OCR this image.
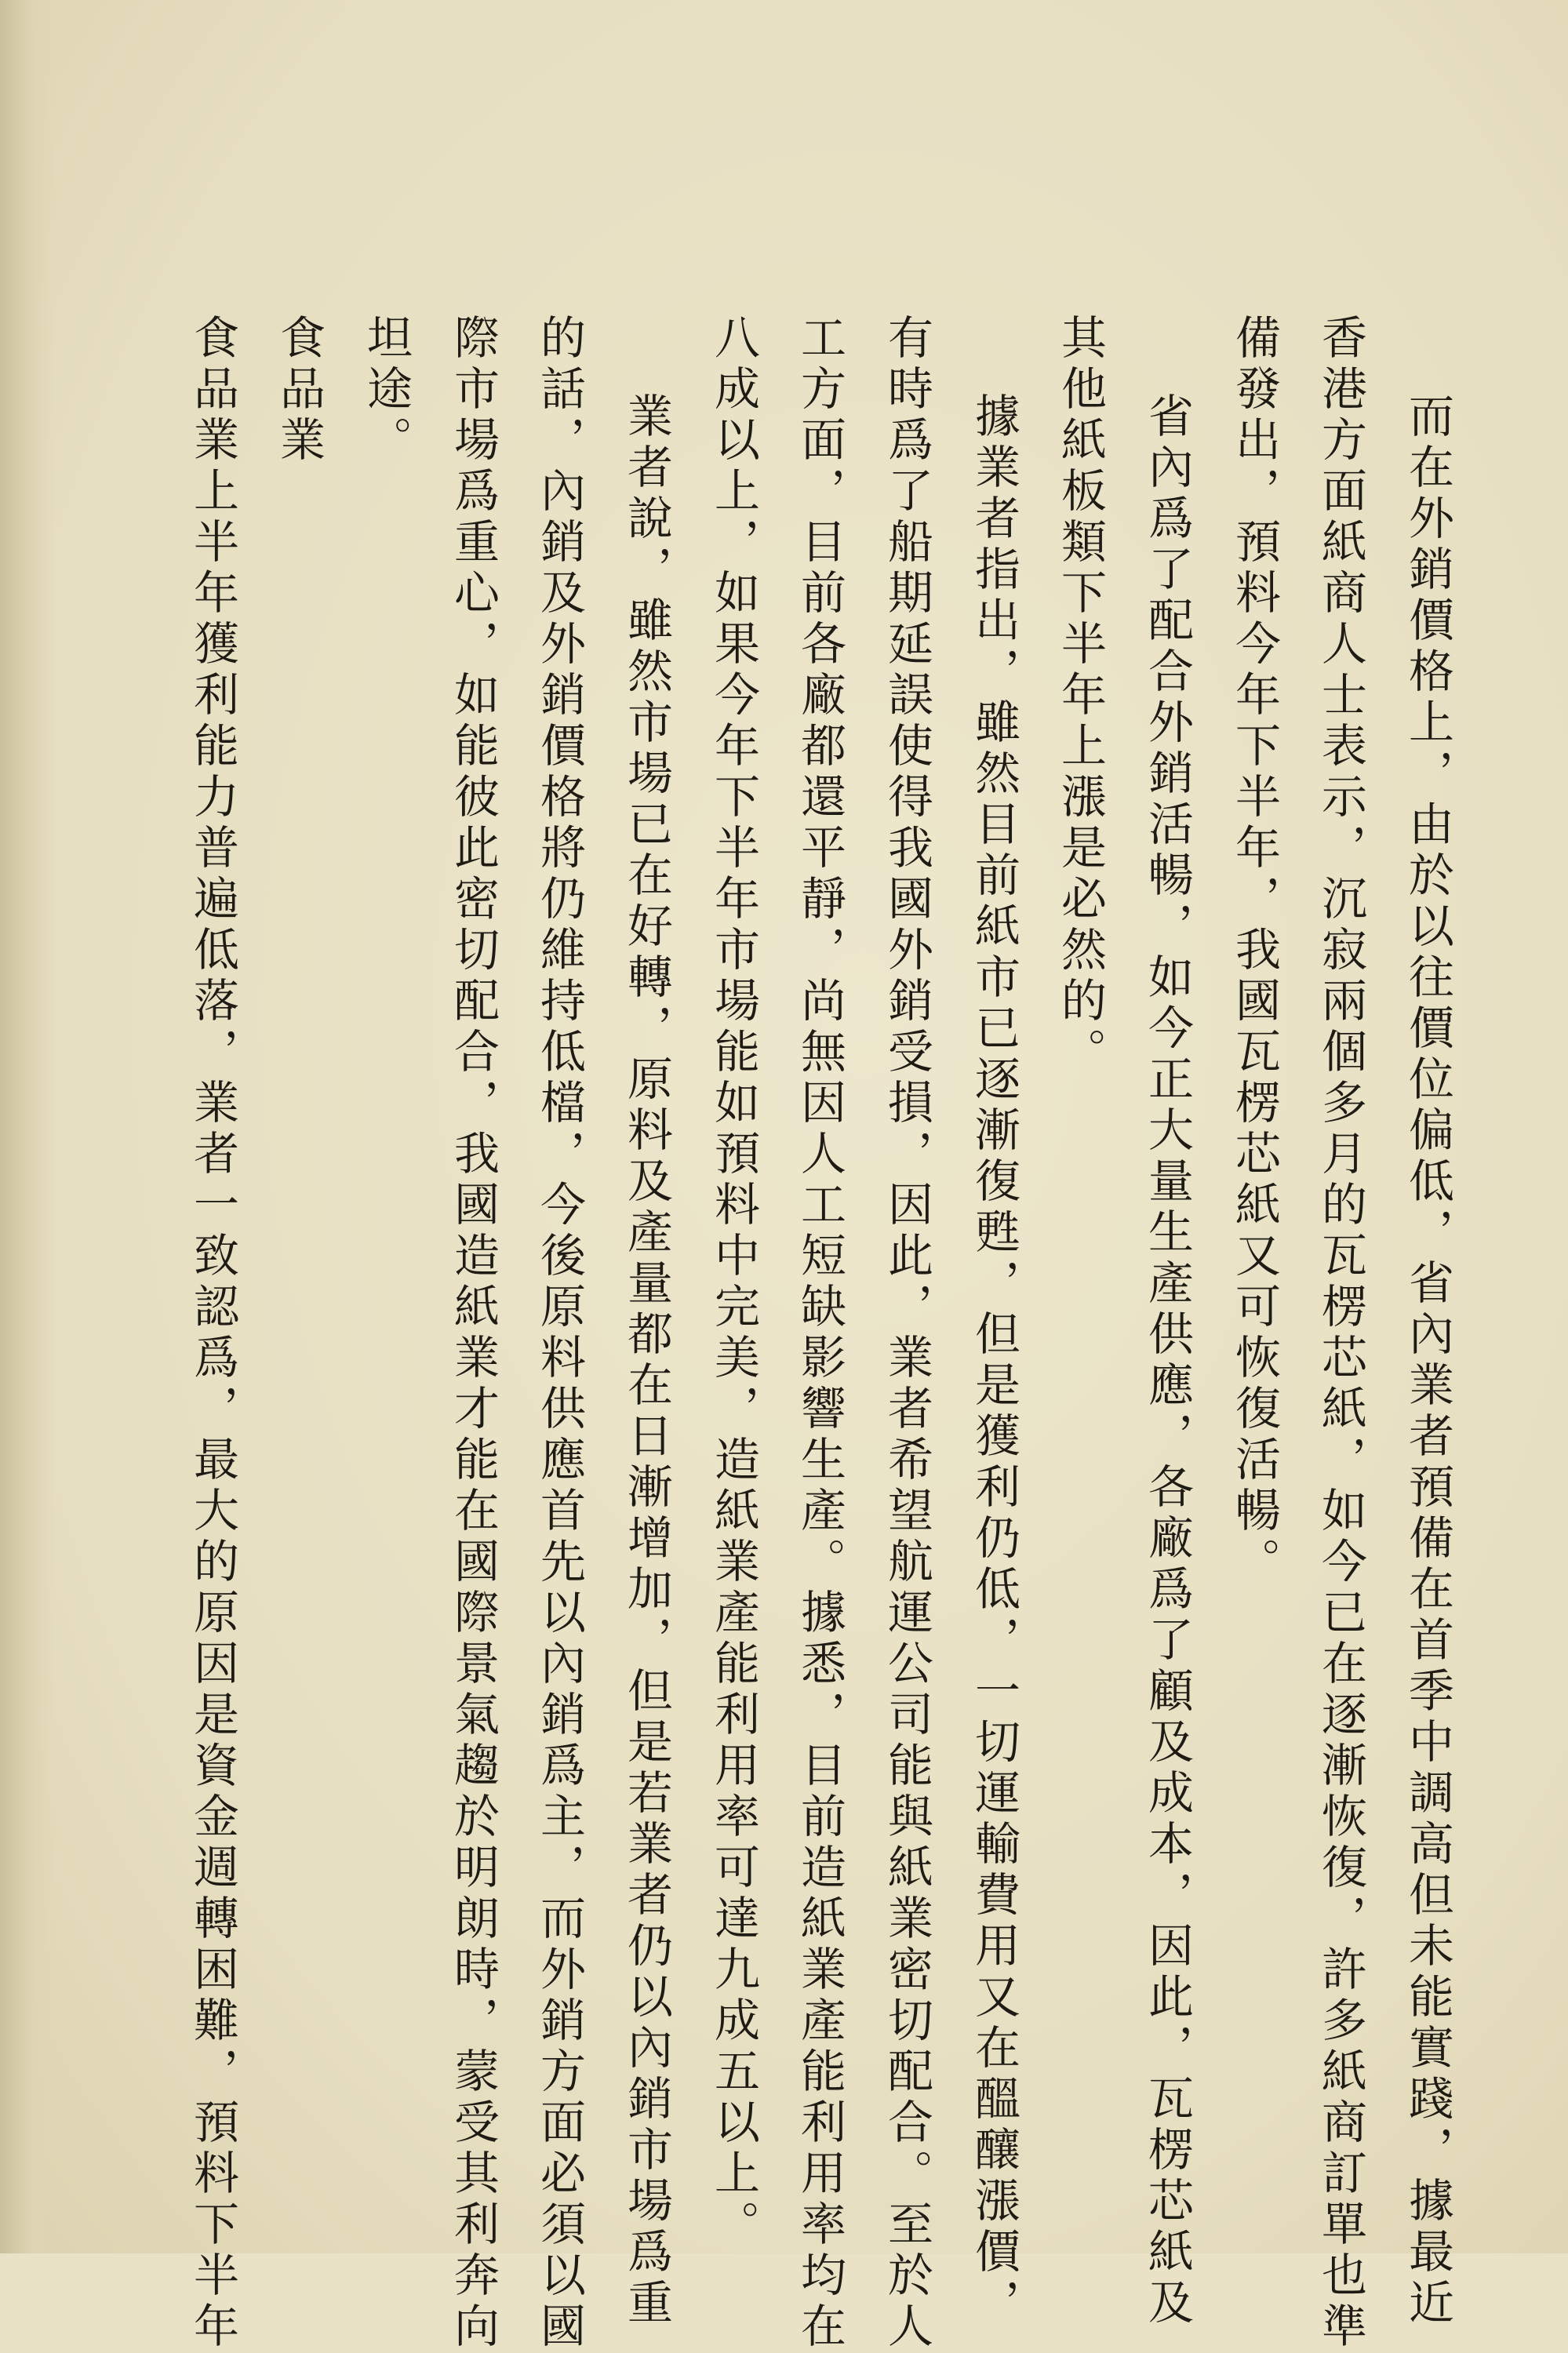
而在外銷價格上，由於以往價位偏低，省內業者預備在首季中調高但未能實踐，據最近

香港方面紙商人士表示，沉寂兩個多月的瓦楞芯紙，如今已在逐漸恢復，許多紙商訂單也準

備發出，預料今年下半年，我國瓦楞芯紙又可恢復活暢。

省內爲了配合外銷活暢，如今正大量生產供應，各廠爲了顧及成本，因此，瓦楞芯紙及

其他紙板類下半年上漲是必然的。

據業者指出，雖然目前紙市已逐漸復甦，但是獲利仍低，一切運輸費用又在醞釀漲價，

有時爲了船期延誤使得我國外銷受損，因此，業者希望航運公司能與紙業密切配合。至於人

工方面，目前各廠都還平靜，尚無因人工短缺影響生產。據悉，目前造紙業產能利用率均在

八成以上，如果今年下半年市場能如預料中完美，造紙業產能利用率可達九成五以上。

業者說，雖然市場已在好轉，原料及產量都在日漸增加，但是若業者仍以內銷市場爲重

的話，內銷及外銷價格將仍維持低檔，今後原料供應首先以內銷爲主，而外銷方面必須以國

際市場爲重心，如能彼此密切配合，我國造紙業才能在國際景氣趨於明朗時，蒙受其利奔向

坦途。

食品業

食品業上半年獲利能力普遍低落，業者一致認爲，最大的原因是資金週轉困難，預料下半年
